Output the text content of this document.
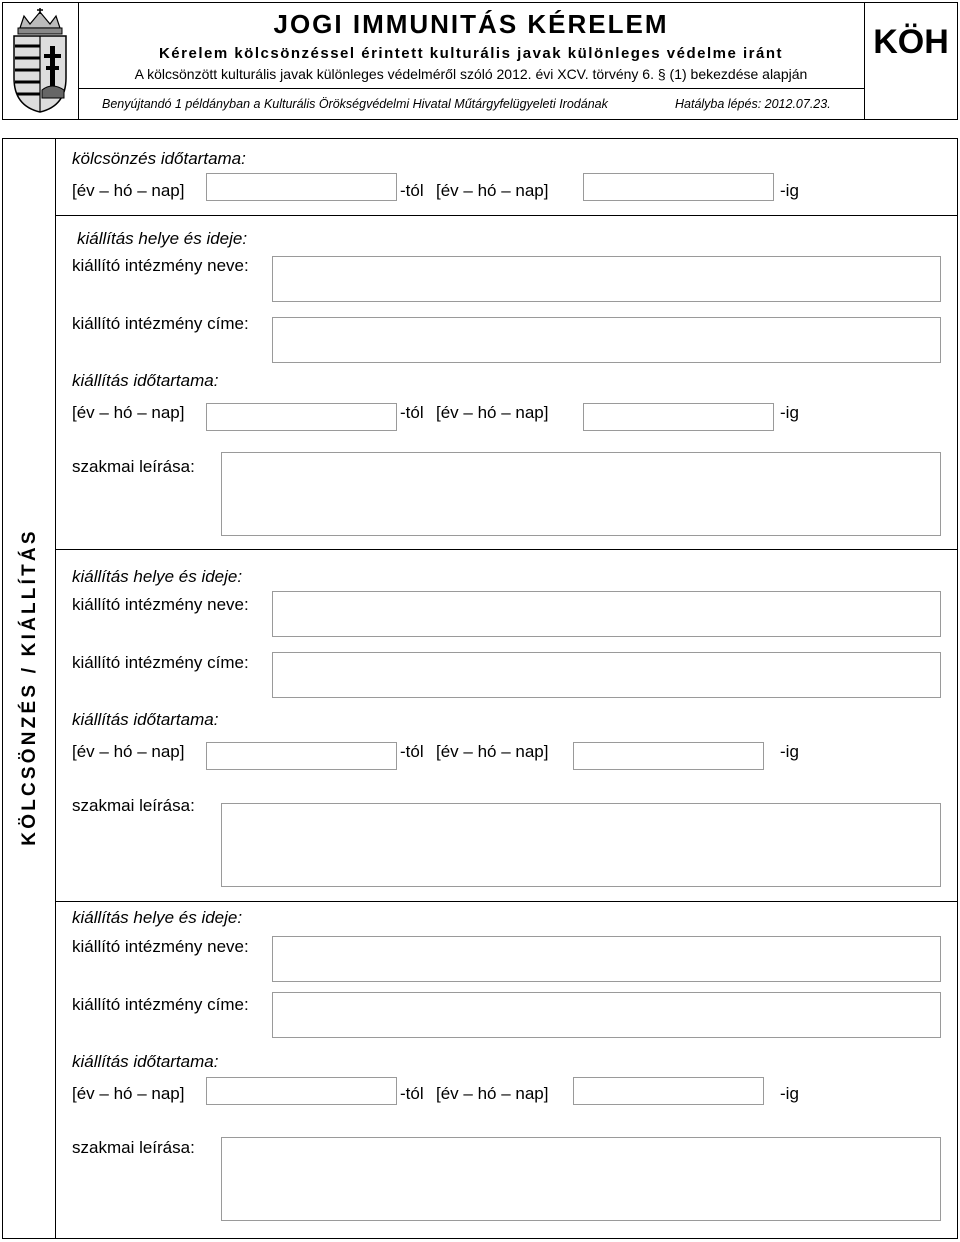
JOGI IMMUNITÁS KÉRELEM
Kérelem kölcsönzéssel érintett kulturális javak különleges védelme iránt
A kölcsönzött kulturális javak különleges védelméről szóló 2012. évi XCV. törvény 6. § (1) bekezdése alapján
Benyújtandó 1 példányban a Kulturális Örökségvédelmi Hivatal Műtárgyfelügyeleti Irodának	Hatályba lépés: 2012.07.23.
KÖH
KÖLCSÖNZÉS / KIÁLLÍTÁS
kölcsönzés időtartama:
[év – hó – nap]	-tól [év – hó – nap]	-ig
kiállítás helye és ideje:
kiállító intézmény neve:
kiállító intézmény címe:
kiállítás időtartama:
[év – hó – nap]	-tól [év – hó – nap]	-ig
szakmai leírása:
kiállítás helye és ideje:
kiállító intézmény neve:
kiállító intézmény címe:
kiállítás időtartama:
[év – hó – nap]	-tól [év – hó – nap]	-ig
szakmai leírása:
kiállítás helye és ideje:
kiállító intézmény neve:
kiállító intézmény címe:
kiállítás időtartama:
[év – hó – nap]	-tól [év – hó – nap]	-ig
szakmai leírása:
